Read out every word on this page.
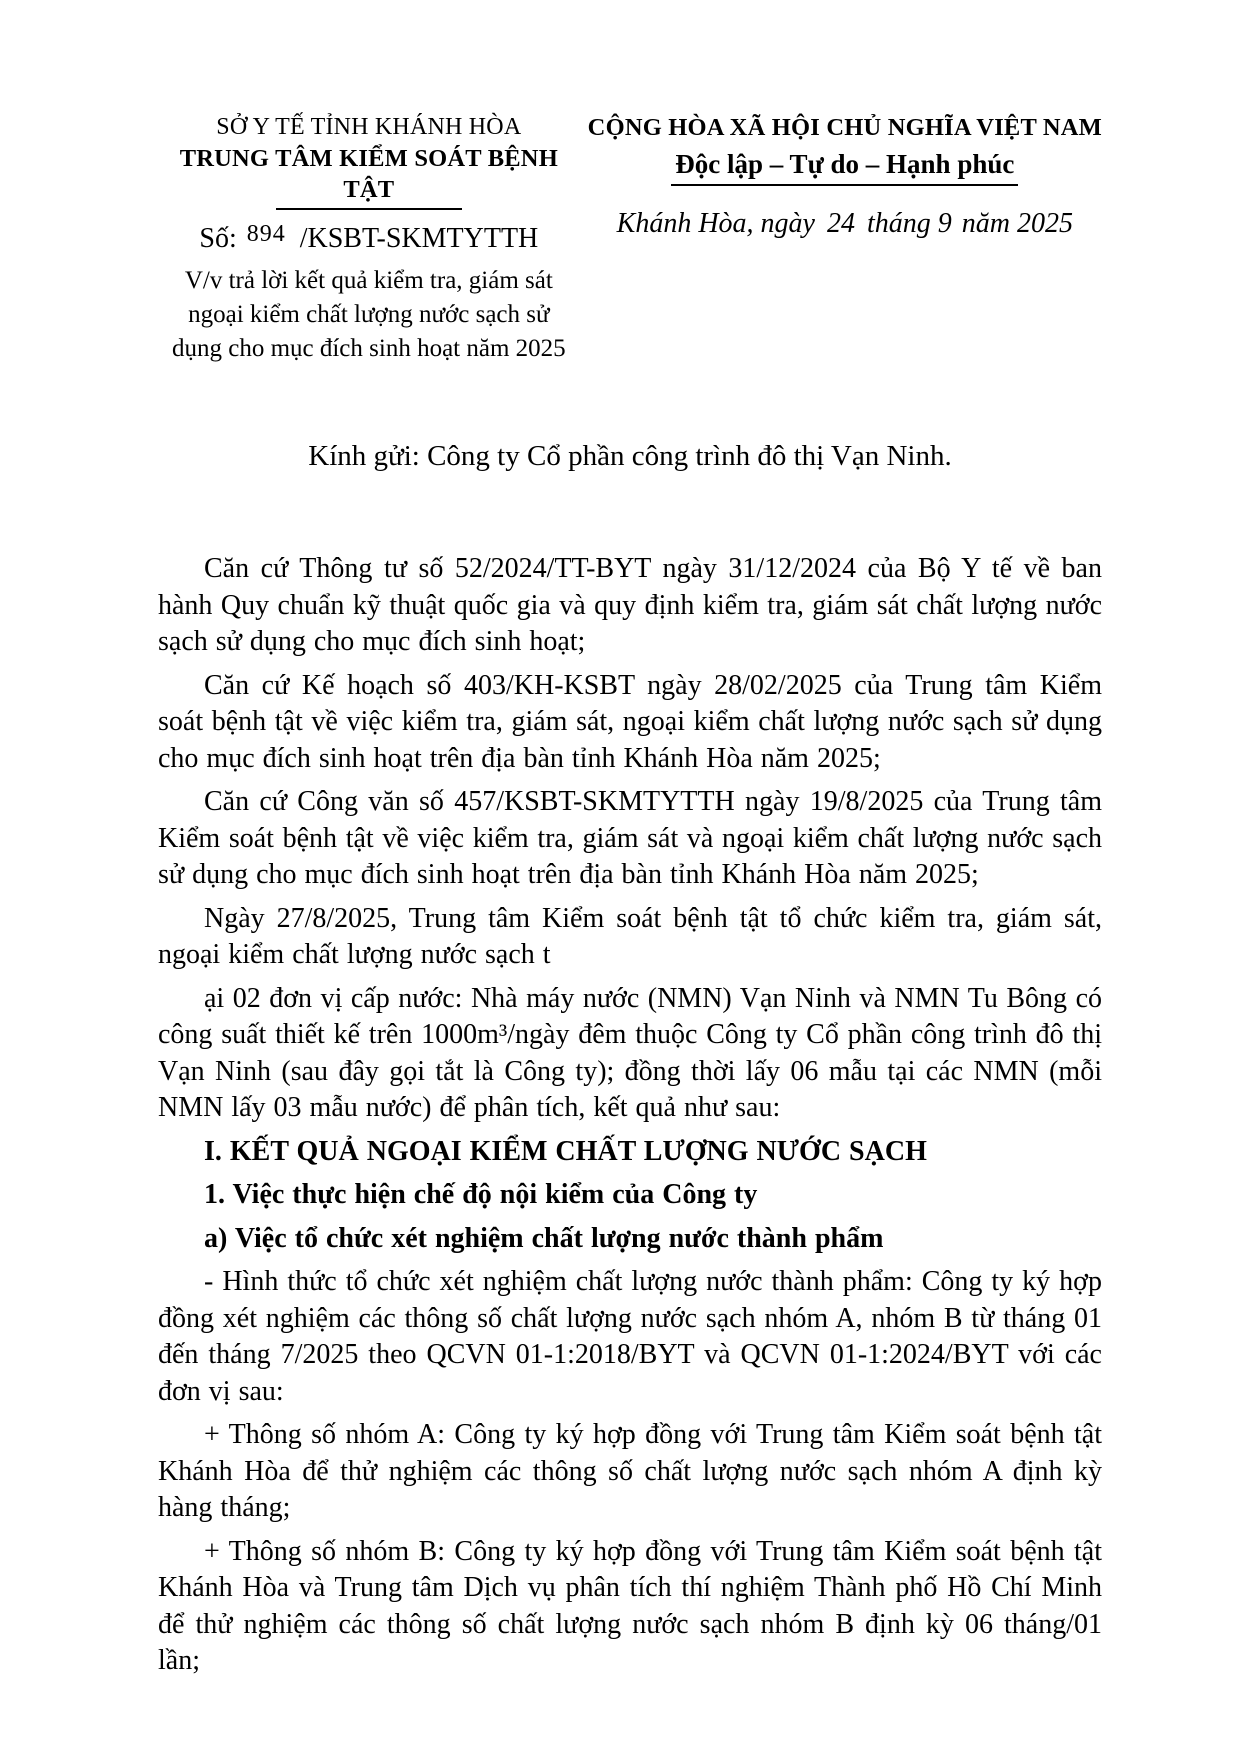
SỞ Y TẾ TỈNH KHÁNH HÒA
TRUNG TÂM KIỂM SOÁT BỆNH TẬT
Số: 894 /KSBT-SKMTYTTH
V/v trả lời kết quả kiểm tra, giám sát ngoại kiểm chất lượng nước sạch sử dụng cho mục đích sinh hoạt năm 2025
CỘNG HÒA XÃ HỘI CHỦ NGHĨA VIỆT NAM
Độc lập – Tự do – Hạnh phúc
Khánh Hòa, ngày 24 tháng 9 năm 2025
Kính gửi: Công ty Cổ phần công trình đô thị Vạn Ninh.

Căn cứ Thông tư số 52/2024/TT-BYT ngày 31/12/2024 của Bộ Y tế về ban hành Quy chuẩn kỹ thuật quốc gia và quy định kiểm tra, giám sát chất lượng nước sạch sử dụng cho mục đích sinh hoạt;

Căn cứ Kế hoạch số 403/KH-KSBT ngày 28/02/2025 của Trung tâm Kiểm soát bệnh tật về việc kiểm tra, giám sát, ngoại kiểm chất lượng nước sạch sử dụng cho mục đích sinh hoạt trên địa bàn tỉnh Khánh Hòa năm 2025;

Căn cứ Công văn số 457/KSBT-SKMTYTTH ngày 19/8/2025 của Trung tâm Kiểm soát bệnh tật về việc kiểm tra, giám sát và ngoại kiểm chất lượng nước sạch sử dụng cho mục đích sinh hoạt trên địa bàn tỉnh Khánh Hòa năm 2025;

Ngày 27/8/2025, Trung tâm Kiểm soát bệnh tật tổ chức kiểm tra, giám sát, ngoại kiểm chất lượng nước sạch t

ại 02 đơn vị cấp nước: Nhà máy nước (NMN) Vạn Ninh và NMN Tu Bông có công suất thiết kế trên 1000m³/ngày đêm thuộc Công ty Cổ phần công trình đô thị Vạn Ninh (sau đây gọi tắt là Công ty); đồng thời lấy 06 mẫu tại các NMN (mỗi NMN lấy 03 mẫu nước) để phân tích, kết quả như sau:

I. KẾT QUẢ NGOẠI KIỂM CHẤT LƯỢNG NƯỚC SẠCH

1. Việc thực hiện chế độ nội kiểm của Công ty

a) Việc tổ chức xét nghiệm chất lượng nước thành phẩm

- Hình thức tổ chức xét nghiệm chất lượng nước thành phẩm: Công ty ký hợp đồng xét nghiệm các thông số chất lượng nước sạch nhóm A, nhóm B từ tháng 01 đến tháng 7/2025 theo QCVN 01-1:2018/BYT và QCVN 01-1:2024/BYT với các đơn vị sau:

+ Thông số nhóm A: Công ty ký hợp đồng với Trung tâm Kiểm soát bệnh tật Khánh Hòa để thử nghiệm các thông số chất lượng nước sạch nhóm A định kỳ hàng tháng;

+ Thông số nhóm B: Công ty ký hợp đồng với Trung tâm Kiểm soát bệnh tật Khánh Hòa và Trung tâm Dịch vụ phân tích thí nghiệm Thành phố Hồ Chí Minh để thử nghiệm các thông số chất lượng nước sạch nhóm B định kỳ 06 tháng/01 lần;
